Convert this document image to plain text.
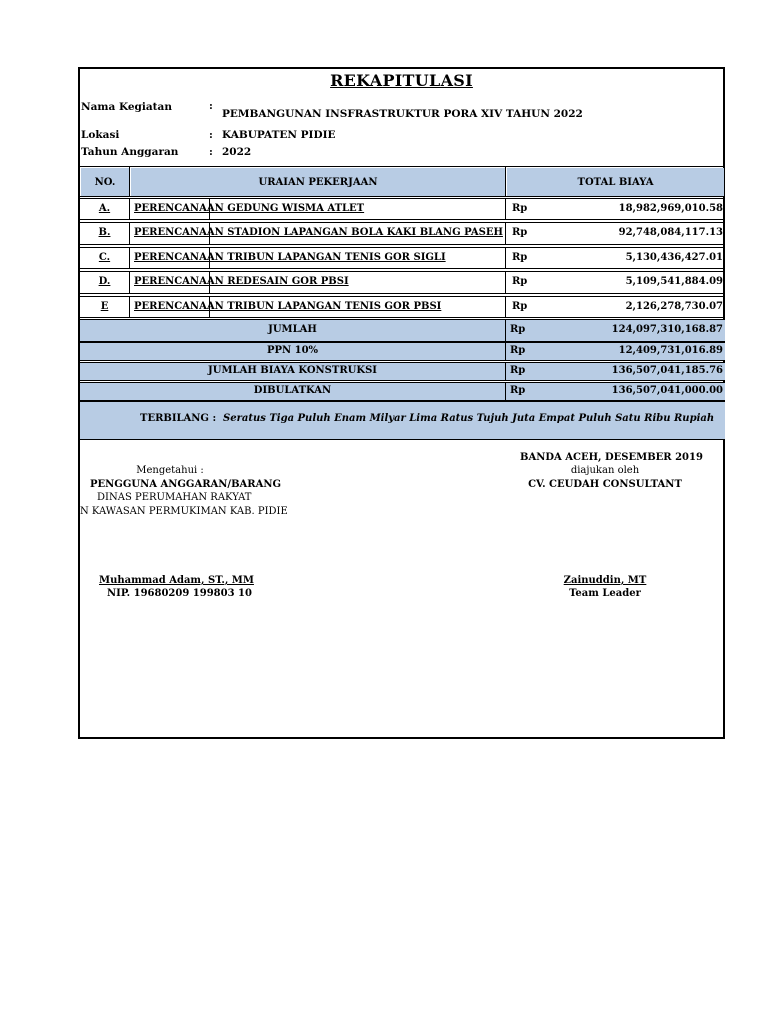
REKAPITULASI
Nama Kegiatan	:
PEMBANGUNAN INSFRASTRUKTUR PORA XIV TAHUN 2022
Lokasi	: KABUPATEN PIDIE
Tahun Anggaran	: 2022
NO.	URAIAN PEKERJAAN	TOTAL BIAYA
A.	PERENCANAAN GEDUNG WISMA ATLET	Rp	18,982,969,010.58
B.	PERENCANAAN STADION LAPANGAN BOLA KAKI BLANG PASEH Rp	92,748,084,117.13
C.	PERENCANAAN TRIBUN LAPANGAN TENIS GOR SIGLI	Rp	5,130,436,427.01
D.	PERENCANAAN REDESAIN GOR PBSI	Rp	5,109,541,884.09
E	PERENCANAAN TRIBUN LAPANGAN TENIS GOR PBSI	Rp	2,126,278,730.07
JUMLAH	Rp	124,097,310,168.87
PPN 10%	Rp	12,409,731,016.89
JUMLAH BIAYA KONSTRUKSI	Rp	136,507,041,185.76
DIBULATKAN	Rp	136,507,041,000.00
TERBILANG : Seratus Tiga Puluh Enam Milyar Lima Ratus Tujuh Juta Empat Puluh Satu Ribu Rupiah
Mengetahui :
PENGGUNA ANGGARAN/BARANG
DINAS PERUMAHAN RAKYAT
N KAWASAN PERMUKIMAN KAB. PIDIE
Muhammad Adam, ST., MM
NIP. 19680209 199803 10
BANDA ACEH, DESEMBER 2019
diajukan oleh
CV. CEUDAH CONSULTANT
Zainuddin, MT
Team Leader
